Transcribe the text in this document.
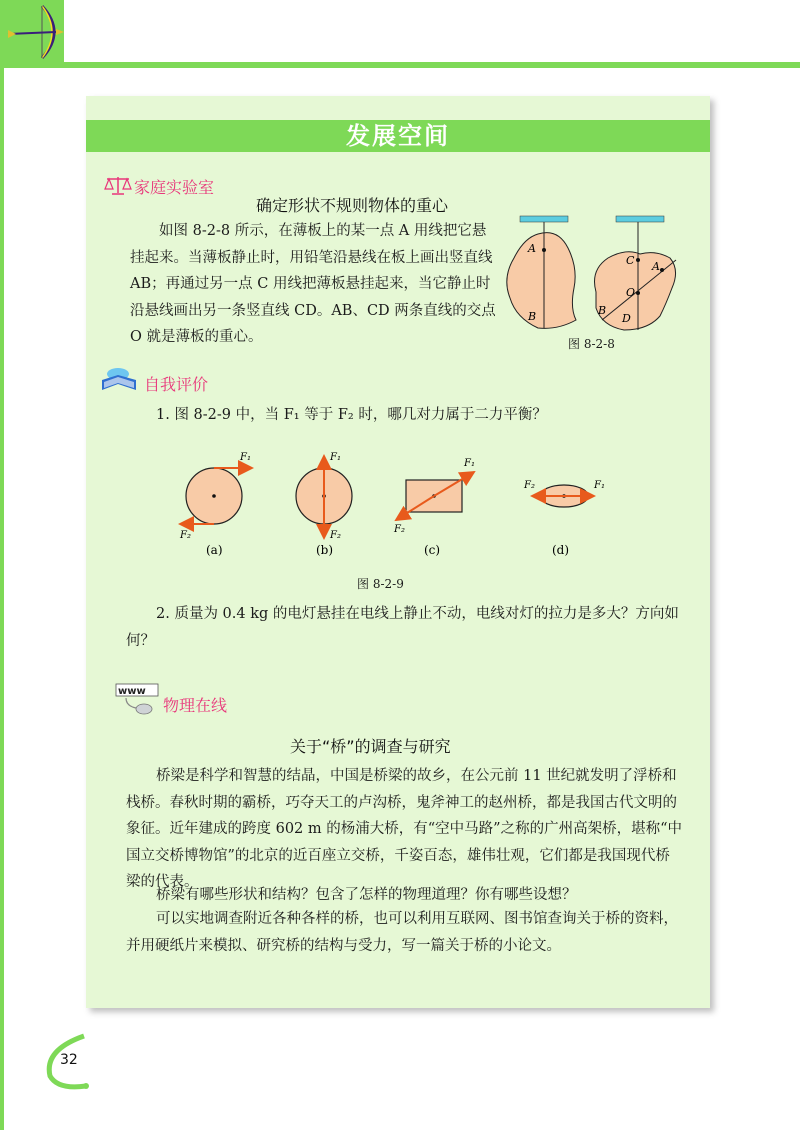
发展空间
家庭实验室
确定形状不规则物体的重心
如图 8-2-8 所示，在薄板上的某一点 A 用线把它悬挂起来。当薄板静止时，用铅笔沿悬线在板上画出竖直线 AB；再通过另一点 C 用线把薄板悬挂起来，当它静止时沿悬线画出另一条竖直线 CD。AB、CD 两条直线的交点 O 就是薄板的重心。
A
B
C A
O
B
D
图 8-2-8
自我评价
1. 图 8-2-9 中，当 F₁ 等于 F₂ 时，哪几对力属于二力平衡？
F₁
F₂
(a)
F₁
F₂
(b)
F₁
F₂
(c)
F₁
F₂
(d)
图 8-2-9
2. 质量为 0.4 kg 的电灯悬挂在电线上静止不动，电线对灯的拉力是多大？方向如何？
www
物理在线
关于“桥”的调查与研究
桥梁是科学和智慧的结晶，中国是桥梁的故乡，在公元前 11 世纪就发明了浮桥和栈桥。春秋时期的霸桥，巧夺天工的卢沟桥，鬼斧神工的赵州桥，都是我国古代文明的象征。近年建成的跨度 602 m 的杨浦大桥，有“空中马路”之称的广州高架桥，堪称“中国立交桥博物馆”的北京的近百座立交桥，千姿百态，雄伟壮观，它们都是我国现代桥梁的代表。
桥梁有哪些形状和结构？包含了怎样的物理道理？你有哪些设想？
可以实地调查附近各种各样的桥，也可以利用互联网、图书馆查询关于桥的资料，并用硬纸片来模拟、研究桥的结构与受力，写一篇关于桥的小论文。
32
